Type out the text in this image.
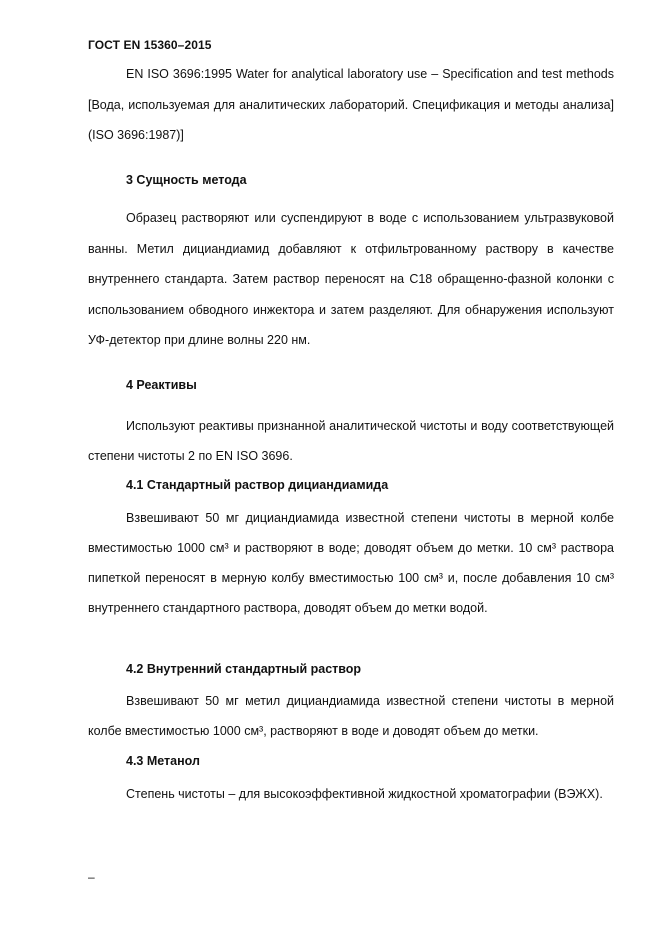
ГОСТ EN 15360–2015

EN ISO 3696:1995 Water for analytical laboratory use – Specification and test methods [Вода, используемая для аналитических лабораторий. Спецификация и методы анализа] (ISO 3696:1987)]

3 Сущность метода

Образец растворяют или суспендируют в воде с использованием ультразвуковой ванны. Метил дициандиамид добавляют к отфильтрованному раствору в качестве внутреннего стандарта. Затем раствор переносят на С18 обращенно-фазной колонки с использованием обводного инжектора и затем разделяют. Для обнаружения используют УФ-детектор при длине волны 220 нм.

4 Реактивы

Используют реактивы признанной аналитической чистоты и воду соответствующей степени чистоты 2 по EN ISO 3696.

4.1 Стандартный раствор дициандиамида

Взвешивают 50 мг дициандиамида известной степени чистоты в мерной колбе вместимостью 1000 см³ и растворяют в воде; доводят объем до метки. 10 см³ раствора пипеткой переносят в мерную колбу вместимостью 100 см³ и, после добавления 10 см³ внутреннего стандартного раствора, доводят объем до метки водой.

4.2 Внутренний стандартный раствор

Взвешивают 50 мг метил дициандиамида известной степени чистоты в мерной колбе вместимостью 1000 см³, растворяют в воде и доводят объем до метки.

4.3 Метанол

Степень чистоты – для высокоэффективной жидкостной хроматографии (ВЭЖХ).

–
